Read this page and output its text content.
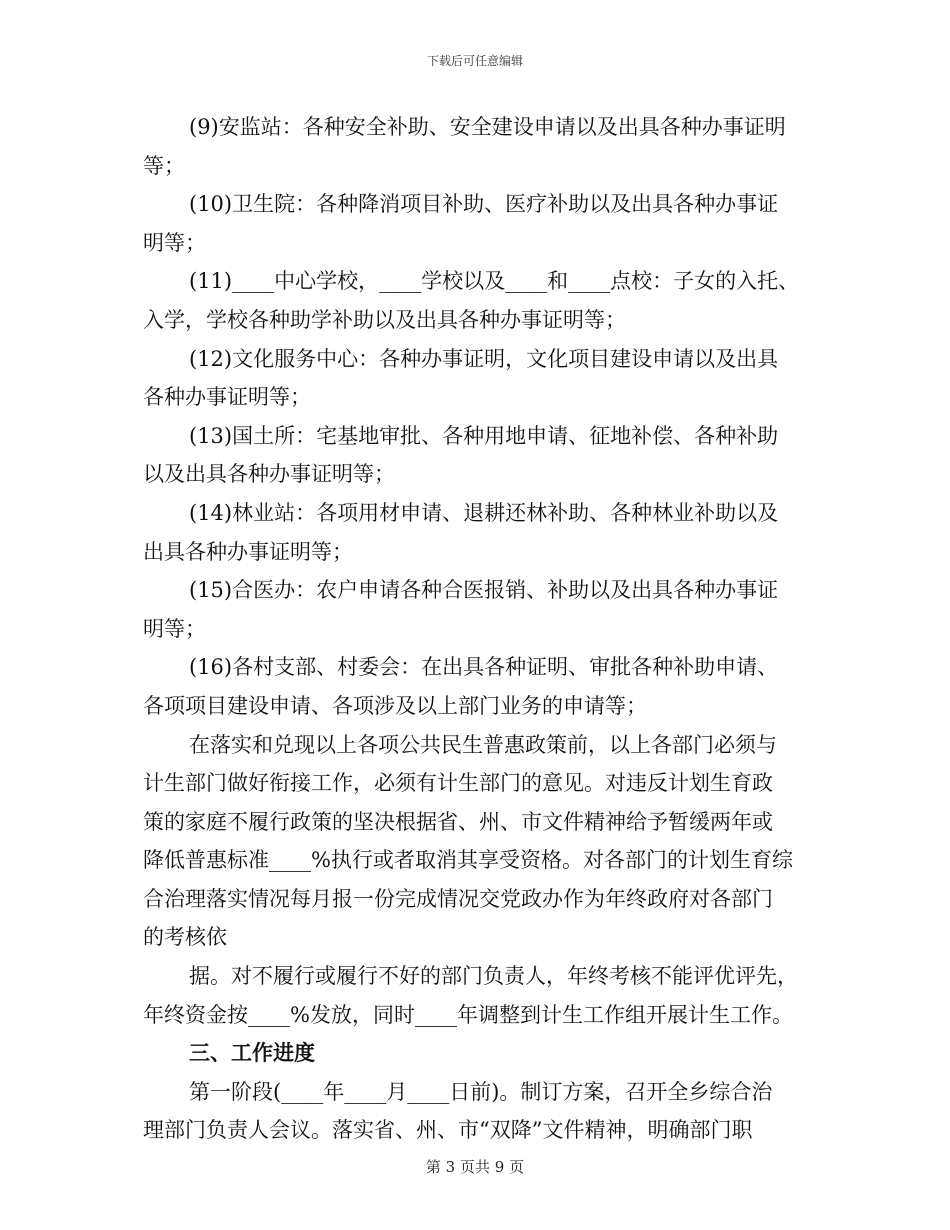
下载后可任意编辑
(9)安监站：各种安全补助、安全建设申请以及出具各种办事证明
等；
(10)卫生院：各种降消项目补助、医疗补助以及出具各种办事证
明等；
(11)____中心学校，____学校以及____和____点校：子女的入托、
入学，学校各种助学补助以及出具各种办事证明等；
(12)文化服务中心：各种办事证明，文化项目建设申请以及出具
各种办事证明等；
(13)国土所：宅基地审批、各种用地申请、征地补偿、各种补助
以及出具各种办事证明等；
(14)林业站：各项用材申请、退耕还林补助、各种林业补助以及
出具各种办事证明等；
(15)合医办：农户申请各种合医报销、补助以及出具各种办事证
明等；
(16)各村支部、村委会：在出具各种证明、审批各种补助申请、
各项项目建设申请、各项涉及以上部门业务的申请等；
在落实和兑现以上各项公共民生普惠政策前，以上各部门必须与
计生部门做好衔接工作，必须有计生部门的意见。对违反计划生育政
策的家庭不履行政策的坚决根据省、州、市文件精神给予暂缓两年或
降低普惠标准____%执行或者取消其享受资格。对各部门的计划生育综
合治理落实情况每月报一份完成情况交党政办作为年终政府对各部门
的考核依
据。对不履行或履行不好的部门负责人，年终考核不能评优评先，
年终资金按____%发放，同时____年调整到计生工作组开展计生工作。
三、工作进度
第一阶段(____年____月____日前)。制订方案，召开全乡综合治
理部门负责人会议。落实省、州、市“双降”文件精神，明确部门职
第 3 页共 9 页
